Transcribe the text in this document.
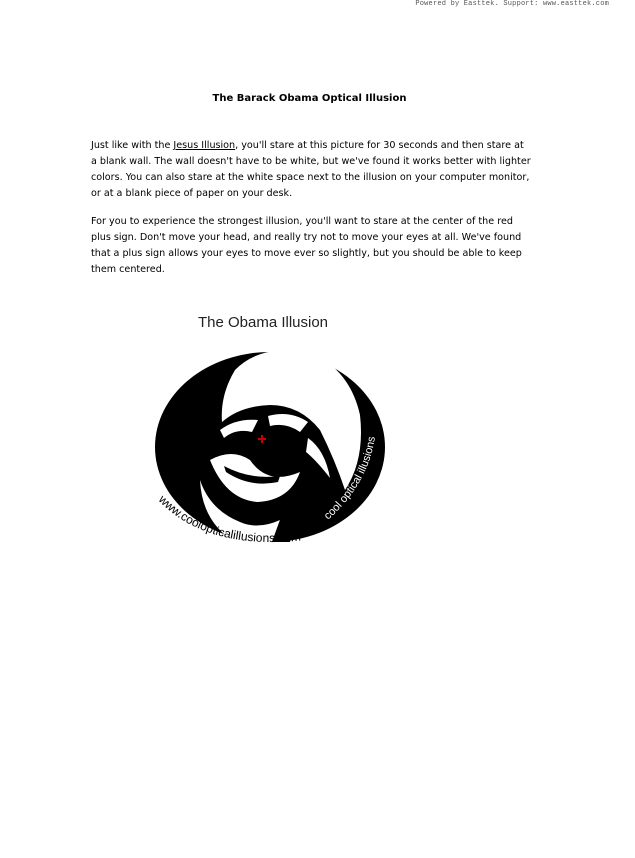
Powered by Easttek. Support: www.easttek.com
The Barack Obama Optical Illusion

Just like with the Jesus Illusion, you'll stare at this picture for 30 seconds and then stare at a blank wall. The wall doesn't have to be white, but we've found it works better with lighter colors. You can also stare at the white space next to the illusion on your computer monitor, or at a blank piece of paper on your desk.

For you to experience the strongest illusion, you'll want to stare at the center of the red plus sign. Don't move your head, and really try not to move your eyes at all. We've found that a plus sign allows your eyes to move ever so slightly, but you should be able to keep them centered.

The Obama Illusion
www.coolopticalillusions.com
cool optical illusions
